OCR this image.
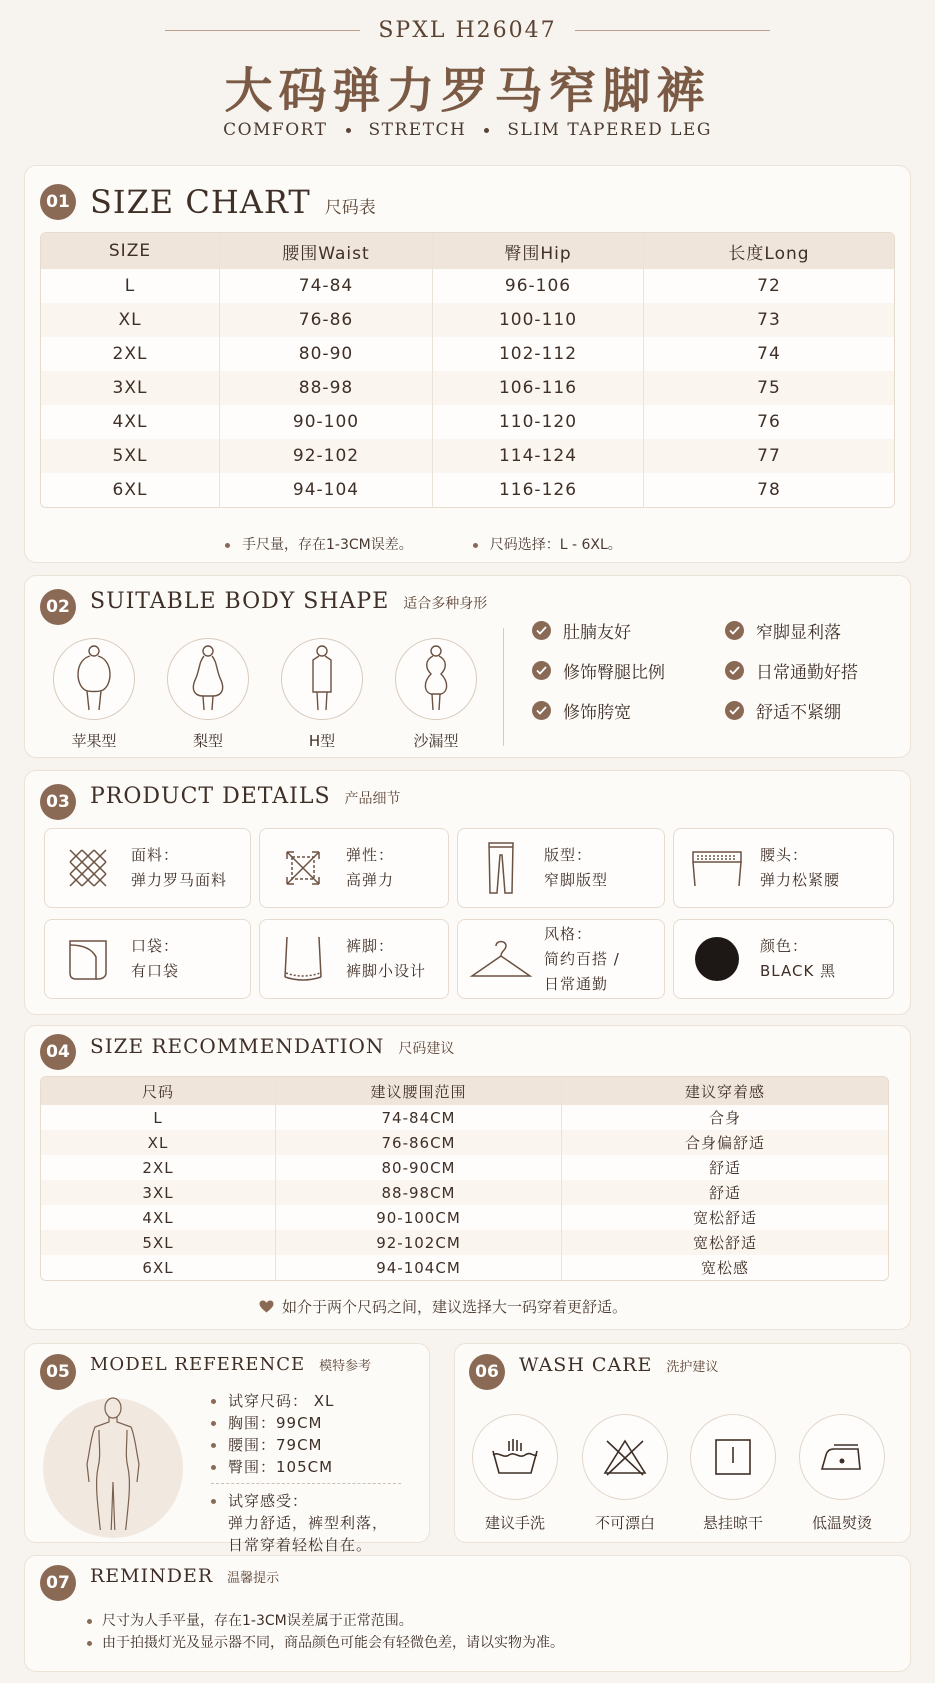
SPXL H26047
大码弹力罗马窄脚裤
COMFORT STRETCH SLIM TAPERED LEG
01 SIZE CHART 尺码表
SIZE	腰围Waist	臀围Hip	长度Long
L	74-84	96-106	72
XL	76-86	100-110	73
2XL	80-90	102-112	74
3XL	88-98	106-116	75
4XL	90-100	110-120	76
5XL	92-102	114-124	77
6XL	94-104	116-126	78
手尺量，存在1-3CM误差。	尺码选择：L - 6XL。
02 SUITABLE BODY SHAPE 适合多种身形
苹果型	梨型	H型	沙漏型
肚腩友好	窄脚显利落
修饰臀腿比例	日常通勤好搭
修饰胯宽	舒适不紧绷
03 PRODUCT DETAILS 产品细节
面料：
弹力罗马面料
弹性：
高弹力
版型：
窄脚版型
腰头：
弹力松紧腰
口袋：
有口袋
裤脚：
裤脚小设计
风格：
简约百搭 /
日常通勤
颜色：
BLACK 黑
04	SIZE RECOMMENDATION 尺码建议
尺码	建议腰围范围	建议穿着感
L	74-84CM	合身
XL	76-86CM	合身偏舒适
2XL	80-90CM	舒适
3XL	88-98CM	舒适
4XL	90-100CM	宽松舒适
5XL	92-102CM	宽松舒适
6XL	94-104CM	宽松感
如介于两个尺码之间，建议选择大一码穿着更舒适。
05	MODEL REFERENCE 模特参考
试穿尺码： XL
胸围：99CM
腰围：79CM
臀围：105CM
试穿感受：
弹力舒适，裤型利落，
日常穿着轻松自在。
06	WASH CARE 洗护建议
建议手洗	不可漂白	悬挂晾干	低温熨烫
07	REMINDER 温馨提示
尺寸为人手平量，存在1-3CM误差属于正常范围。
由于拍摄灯光及显示器不同，商品颜色可能会有轻微色差，请以实物为准。
